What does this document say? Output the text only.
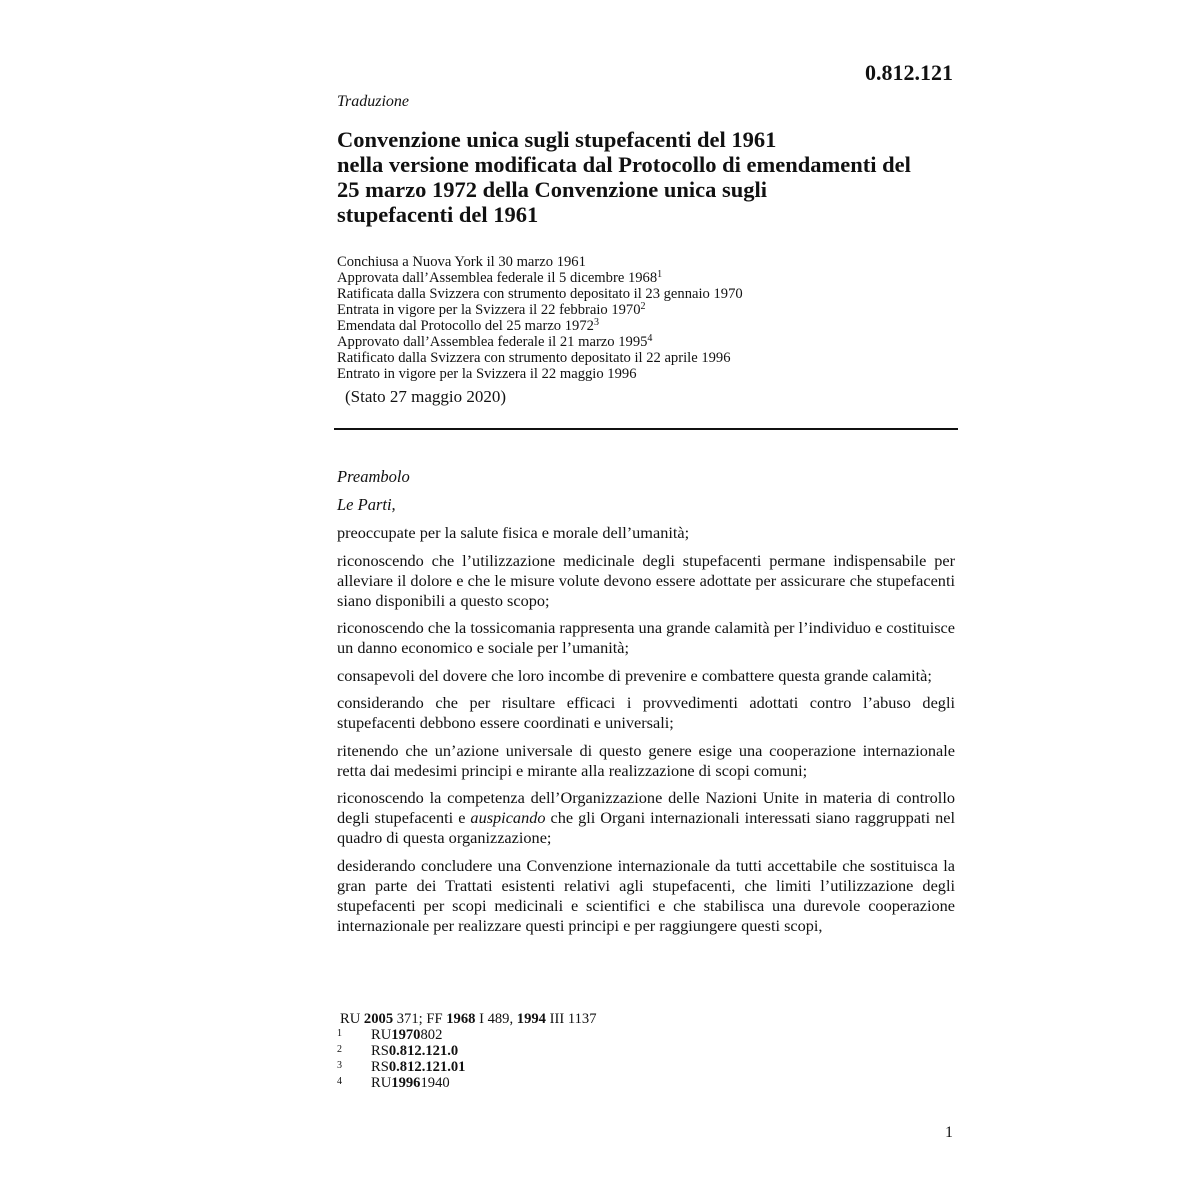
0.812.121
Traduzione
Convenzione unica sugli stupefacenti del 1961
nella versione modificata dal Protocollo di emendamenti del
25 marzo 1972 della Convenzione unica sugli
stupefacenti del 1961
Conchiusa a Nuova York il 30 marzo 1961
Approvata dall’Assemblea federale il 5 dicembre 1968$^1$
Ratificata dalla Svizzera con strumento depositato il 23 gennaio 1970
Entrata in vigore per la Svizzera il 22 febbraio 1970$^2$
Emendata dal Protocollo del 25 marzo 1972$^3$
Approvato dall’Assemblea federale il 21 marzo 1995$^4$
Ratificato dalla Svizzera con strumento depositato il 22 aprile 1996
Entrato in vigore per la Svizzera il 22 maggio 1996
(Stato 27 maggio 2020)
Preambolo
Le Parti,

preoccupate per la salute fisica e morale dell’umanità;

riconoscendo che l’utilizzazione medicinale degli stupefacenti permane indispensabile per alleviare il dolore e che le misure volute devono essere adottate per assicurare che stupefacenti siano disponibili a questo scopo;

riconoscendo che la tossicomania rappresenta una grande calamità per l’individuo e costituisce un danno economico e sociale per l’umanità;

consapevoli del dovere che loro incombe di prevenire e combattere questa grande calamità;

considerando che per risultare efficaci i provvedimenti adottati contro l’abuso degli stupefacenti debbono essere coordinati e universali;

ritenendo che un’azione universale di questo genere esige una cooperazione internazionale retta dai medesimi principi e mirante alla realizzazione di scopi comuni;

riconoscendo la competenza dell’Organizzazione delle Nazioni Unite in materia di controllo degli stupefacenti e auspicando che gli Organi internazionali interessati siano raggruppati nel quadro di questa organizzazione;

desiderando concludere una Convenzione internazionale da tutti accettabile che sostituisca la gran parte dei Trattati esistenti relativi agli stupefacenti, che limiti l’utilizzazione degli stupefacenti per scopi medicinali e scientifici e che stabilisca una durevole cooperazione internazionale per realizzare questi principi e per raggiungere questi scopi,

RU 2005 371; FF 1968 I 489, 1994 III 1137
1	RU 1970 802
2	RS 0.812.121.0
3	RS 0.812.121.01
4	RU 1996 1940
1
